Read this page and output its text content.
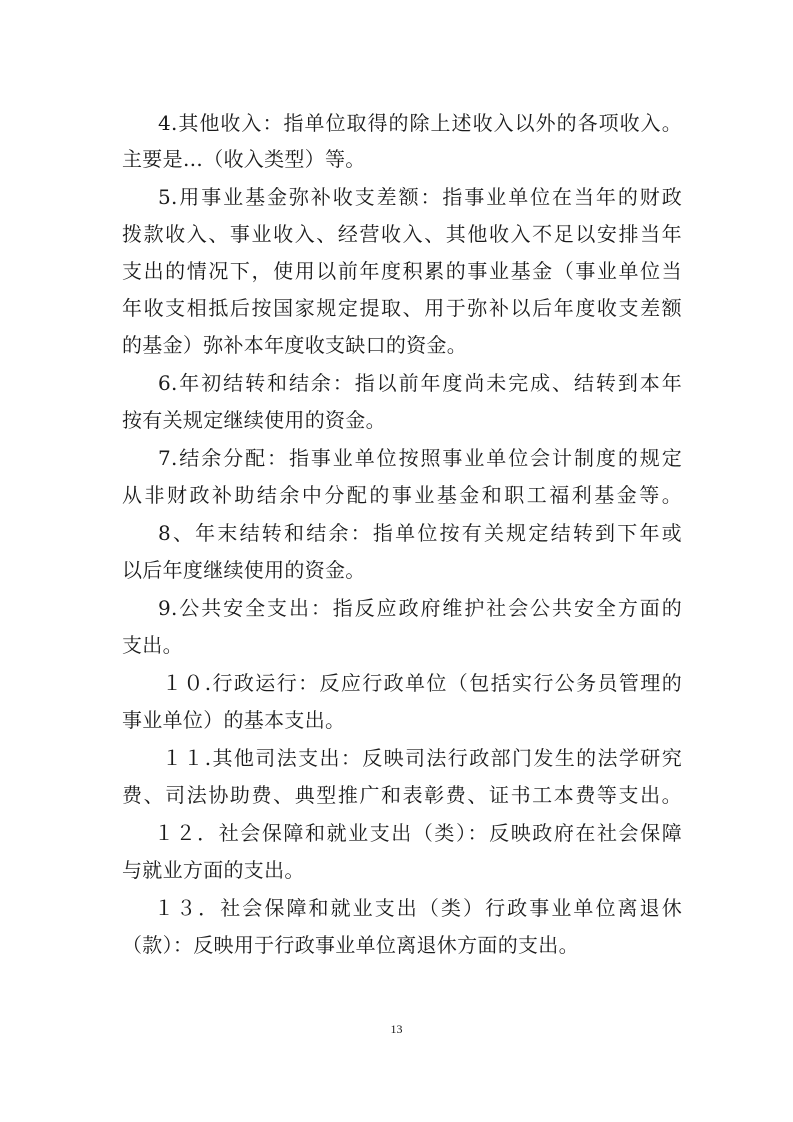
4.其他收入：指单位取得的除上述收入以外的各项收入。
主要是…（收入类型）等。
5.用事业基金弥补收支差额：指事业单位在当年的财政
拨款收入、事业收入、经营收入、其他收入不足以安排当年
支出的情况下，使用以前年度积累的事业基金（事业单位当
年收支相抵后按国家规定提取、用于弥补以后年度收支差额
的基金）弥补本年度收支缺口的资金。
6.年初结转和结余：指以前年度尚未完成、结转到本年
按有关规定继续使用的资金。
7.结余分配：指事业单位按照事业单位会计制度的规定
从非财政补助结余中分配的事业基金和职工福利基金等。
8、年末结转和结余：指单位按有关规定结转到下年或
以后年度继续使用的资金。
9.公共安全支出：指反应政府维护社会公共安全方面的
支出。
１０.行政运行：反应行政单位（包括实行公务员管理的
事业单位）的基本支出。
１１.其他司法支出：反映司法行政部门发生的法学研究
费、司法协助费、典型推广和表彰费、证书工本费等支出。
１２．社会保障和就业支出（类）：反映政府在社会保障
与就业方面的支出。
１３．社会保障和就业支出（类）行政事业单位离退休
（款）：反映用于行政事业单位离退休方面的支出。
13
